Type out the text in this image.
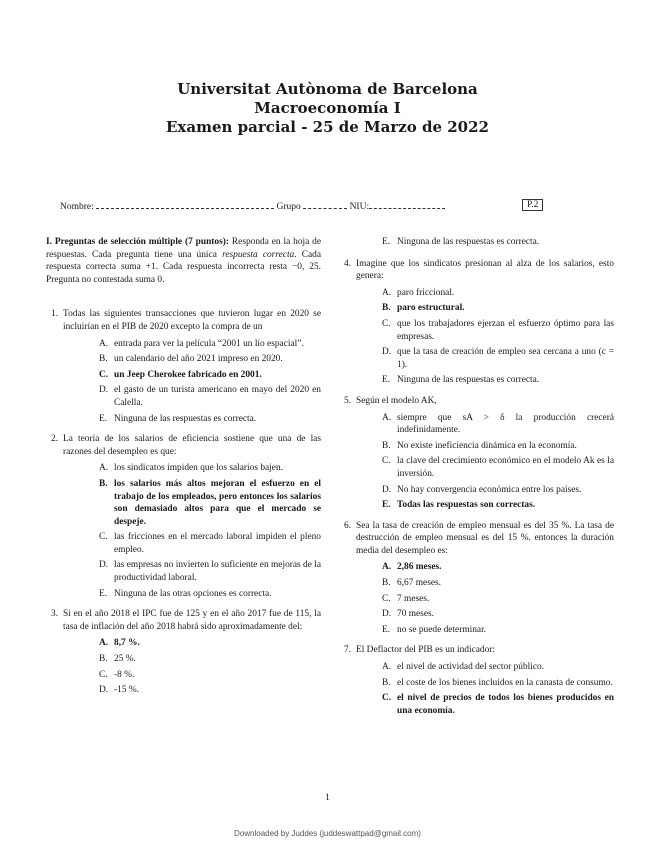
Universitat Autònoma de Barcelona
Macroeconomía I
Examen parcial - 25 de Marzo de 2022
Nombre:	Grupo	NIU:	P.2
I. Preguntas de selección múltiple (7 puntos): Responda en la hoja de respuestas. Cada pregunta tiene una única respuesta correcta. Cada respuesta correcta suma +1. Cada respuesta incorrecta resta −0, 25. Pregunta no contestada suma 0.
1. Todas las siguientes transacciones que tuvieron lugar en 2020 se incluirían en el PIB de 2020 excepto la compra de un
A. entrada para ver la película “2001 un lío espacial”.
B. un calendario del año 2021 impreso en 2020.
C. un Jeep Cherokee fabricado en 2001.
D. el gasto de un turista americano en mayo del 2020 en Calella.
E. Ninguna de las respuestas es correcta.
2. La teoría de los salarios de eficiencia sostiene que una de las razones del desempleo es que:
A. los sindicatos impiden que los salarios bajen.
B. los salarios más altos mejoran el esfuerzo en el trabajo de los empleados, pero entonces los salarios son demasiado altos para que el mercado se despeje.
C. las fricciones en el mercado laboral impiden el pleno empleo.
D. las empresas no invierten lo suficiente en mejoras de la productividad laboral.
E. Ninguna de las otras opciones es correcta.
3. Si en el año 2018 el IPC fue de 125 y en el año 2017 fue de 115, la tasa de inflación del año 2018 habrá sido aproximadamente del:
A. 8,7 %.
B. 25 %.
C. -8 %.
D. -15 %.
E. Ninguna de las respuestas es correcta.
4. Imagine que los sindicatos presionan al alza de los salarios, esto genera:
A. paro friccional.
B. paro estructural.
C. que los trabajadores ejerzan el esfuerzo óptimo para las empresas.
D. que la tasa de creación de empleo sea cercana a uno (c = 1).
E. Ninguna de las respuestas es correcta.
5. Según el modelo AK,
A. siempre que sA > δ la producción crecerá indefinidamente.
B. No existe ineficiencia dinámica en la economía.
C. la clave del crecimiento económico en el modelo Ak es la inversión.
D. No hay convergencia económica entre los países.
E. Todas las respuestas son correctas.
6. Sea la tasa de creación de empleo mensual es del 35 %. La tasa de destrucción de empleo mensual es del 15 %. entonces la duración media del desempleo es:
A. 2,86 meses.
B. 6,67 meses.
C. 7 meses.
D. 70 meses.
E. no se puede determinar.
7. El Deflactor del PIB es un indicador:
A. el nivel de actividad del sector público.
B. el coste de los bienes incluidos en la canasta de consumo.
C. el nivel de precios de todos los bienes producidos en una economía.
1
Downloaded by Juddes (juddeswattpad@gmail.com)
